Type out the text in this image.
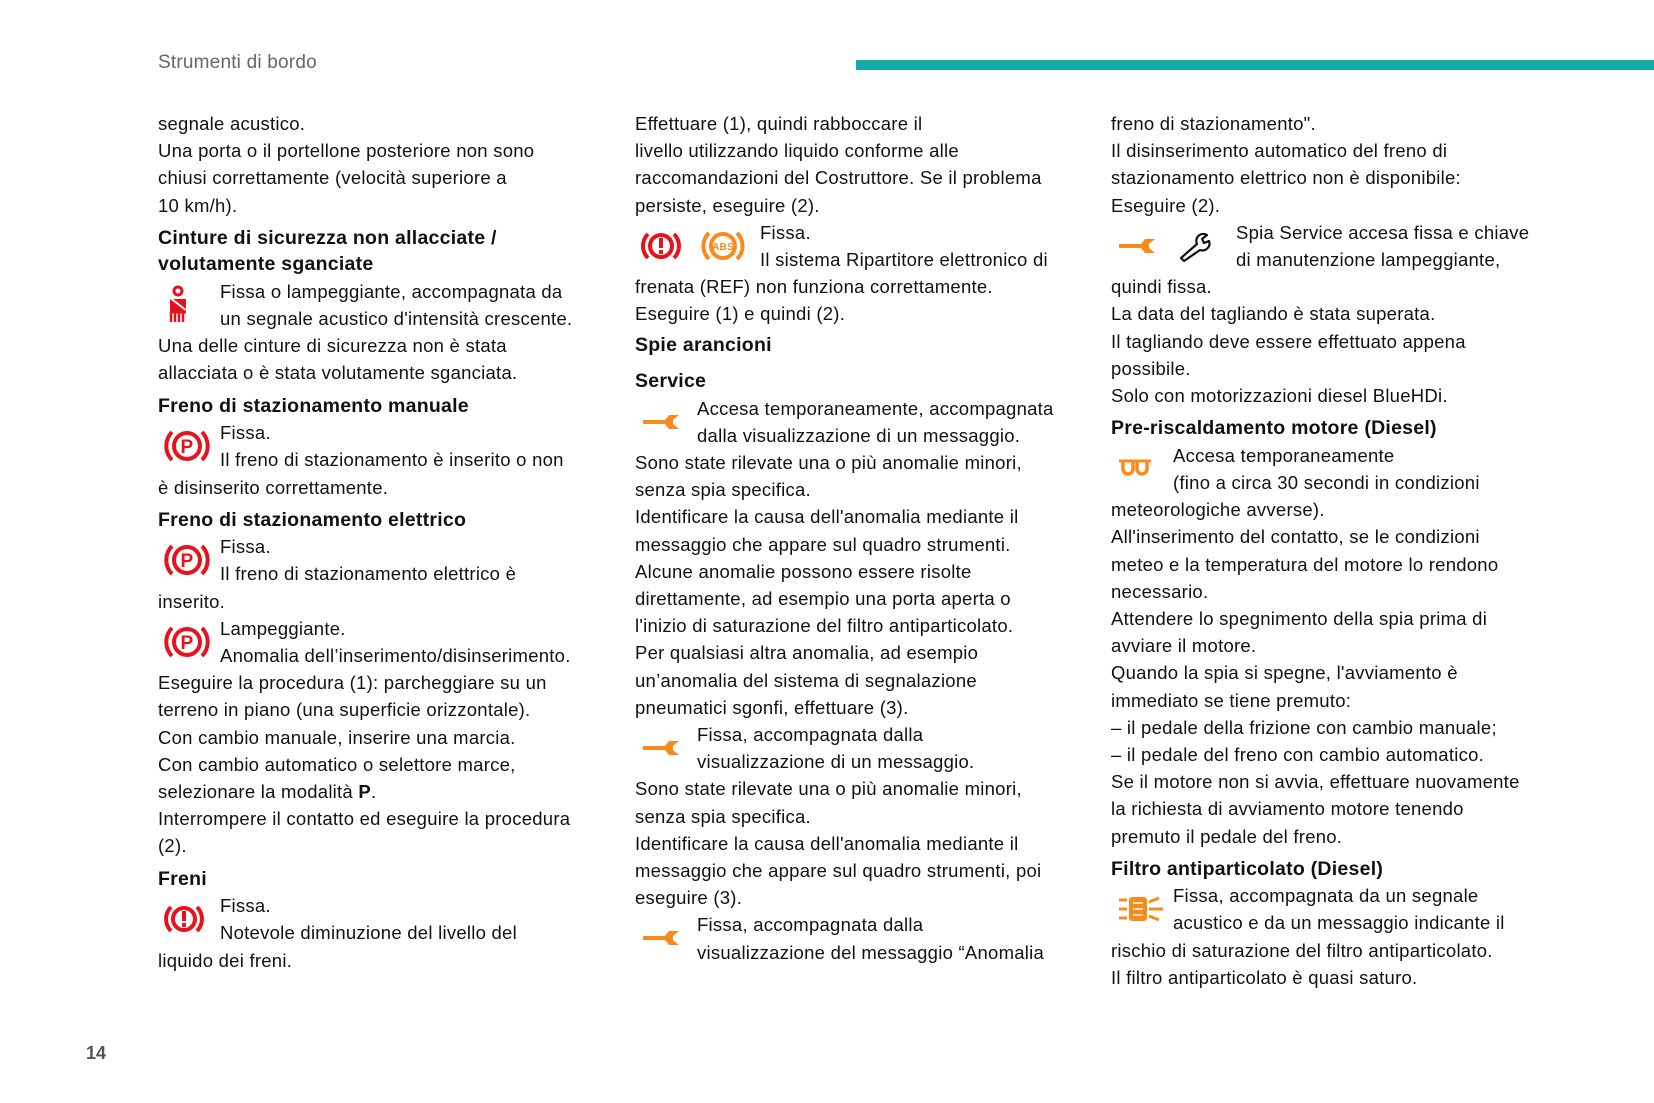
Strumenti di bordo
14
segnale acustico.
Una porta o il portellone posteriore non sono
chiusi correttamente (velocità superiore a
10 km/h).
Cinture di sicurezza non allacciate /
volutamente sganciate
Fissa o lampeggiante, accompagnata da
un segnale acustico d'intensità crescente.
Una delle cinture di sicurezza non è stata
allacciata o è stata volutamente sganciata.
Freno di stazionamento manuale
P
Fissa.
Il freno di stazionamento è inserito o non
è disinserito correttamente.
Freno di stazionamento elettrico
P
Fissa.
Il freno di stazionamento elettrico è
inserito.
P
Lampeggiante.
Anomalia dell’inserimento/disinserimento.
Eseguire la procedura (1): parcheggiare su un
terreno in piano (una superficie orizzontale).
Con cambio manuale, inserire una marcia.
Con cambio automatico o selettore marce,
selezionare la modalità P.
Interrompere il contatto ed eseguire la procedura
(2).
Freni
Fissa.
Notevole diminuzione del livello del
liquido dei freni.
Effettuare (1), quindi rabboccare il
livello utilizzando liquido conforme alle
raccomandazioni del Costruttore. Se il problema
persiste, eseguire (2).
ABS
Fissa.
Il sistema Ripartitore elettronico di
frenata (REF) non funziona correttamente.
Eseguire (1) e quindi (2).
Spie arancioni
Service
Accesa temporaneamente, accompagnata
dalla visualizzazione di un messaggio.
Sono state rilevate una o più anomalie minori,
senza spia specifica.
Identificare la causa dell'anomalia mediante il
messaggio che appare sul quadro strumenti.
Alcune anomalie possono essere risolte
direttamente, ad esempio una porta aperta o
l'inizio di saturazione del filtro antiparticolato.
Per qualsiasi altra anomalia, ad esempio
un’anomalia del sistema di segnalazione
pneumatici sgonfi, effettuare (3).
Fissa, accompagnata dalla
visualizzazione di un messaggio.
Sono state rilevate una o più anomalie minori,
senza spia specifica.
Identificare la causa dell'anomalia mediante il
messaggio che appare sul quadro strumenti, poi
eseguire (3).
Fissa, accompagnata dalla
visualizzazione del messaggio “Anomalia
freno di stazionamento".
Il disinserimento automatico del freno di
stazionamento elettrico non è disponibile:
Eseguire (2).
Spia Service accesa fissa e chiave
di manutenzione lampeggiante,
quindi fissa.
La data del tagliando è stata superata.
Il tagliando deve essere effettuato appena
possibile.
Solo con motorizzazioni diesel BlueHDi.
Pre-riscaldamento motore (Diesel)
Accesa temporaneamente
(fino a circa 30 secondi in condizioni
meteorologiche avverse).
All'inserimento del contatto, se le condizioni
meteo e la temperatura del motore lo rendono
necessario.
Attendere lo spegnimento della spia prima di
avviare il motore.
Quando la spia si spegne, l'avviamento è
immediato se tiene premuto:
– il pedale della frizione con cambio manuale;
– il pedale del freno con cambio automatico.
Se il motore non si avvia, effettuare nuovamente
la richiesta di avviamento motore tenendo
premuto il pedale del freno.
Filtro antiparticolato (Diesel)
Fissa, accompagnata da un segnale
acustico e da un messaggio indicante il
rischio di saturazione del filtro antiparticolato.
Il filtro antiparticolato è quasi saturo.
